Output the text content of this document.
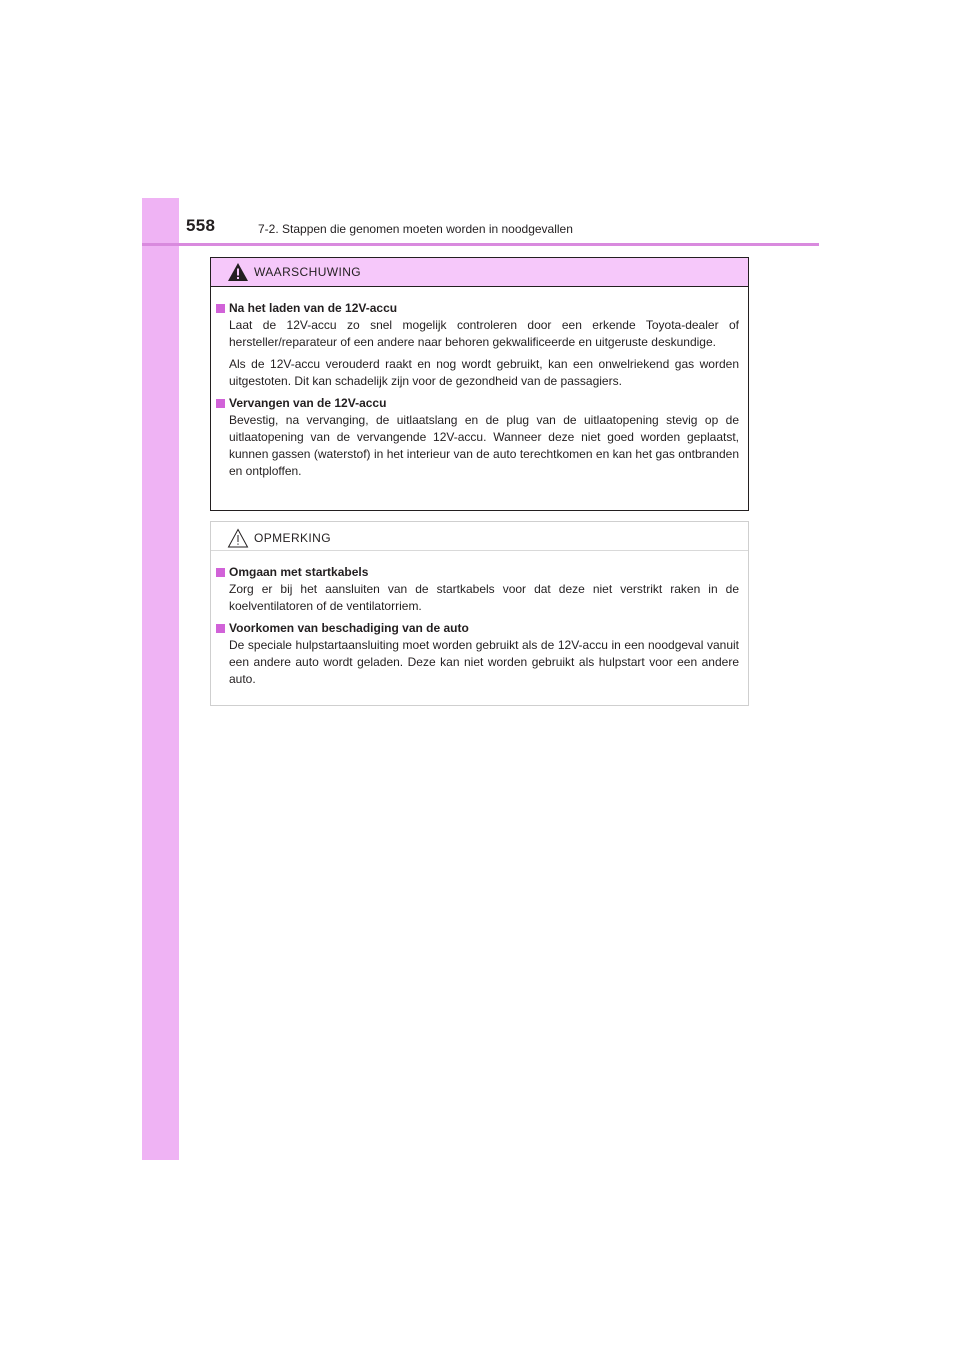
558	7-2. Stappen die genomen moeten worden in noodgevallen
WAARSCHUWING
Na het laden van de 12V-accu

Laat de 12V-accu zo snel mogelijk controleren door een erkende Toyota-dealer of hersteller/reparateur of een andere naar behoren gekwalificeerde en uitgeruste deskundige.

Als de 12V-accu verouderd raakt en nog wordt gebruikt, kan een onwelriekend gas worden uitgestoten. Dit kan schadelijk zijn voor de gezondheid van de passagiers.

Vervangen van de 12V-accu

Bevestig, na vervanging, de uitlaatslang en de plug van de uitlaatopening stevig op de uitlaatopening van de vervangende 12V-accu. Wanneer deze niet goed worden geplaatst, kunnen gassen (waterstof) in het interieur van de auto terechtkomen en kan het gas ontbranden en ontploffen.

OPMERKING
Omgaan met startkabels

Zorg er bij het aansluiten van de startkabels voor dat deze niet verstrikt raken in de koelventilatoren of de ventilatorriem.

Voorkomen van beschadiging van de auto

De speciale hulpstartaansluiting moet worden gebruikt als de 12V-accu in een noodgeval vanuit een andere auto wordt geladen. Deze kan niet worden gebruikt als hulpstart voor een andere auto.
